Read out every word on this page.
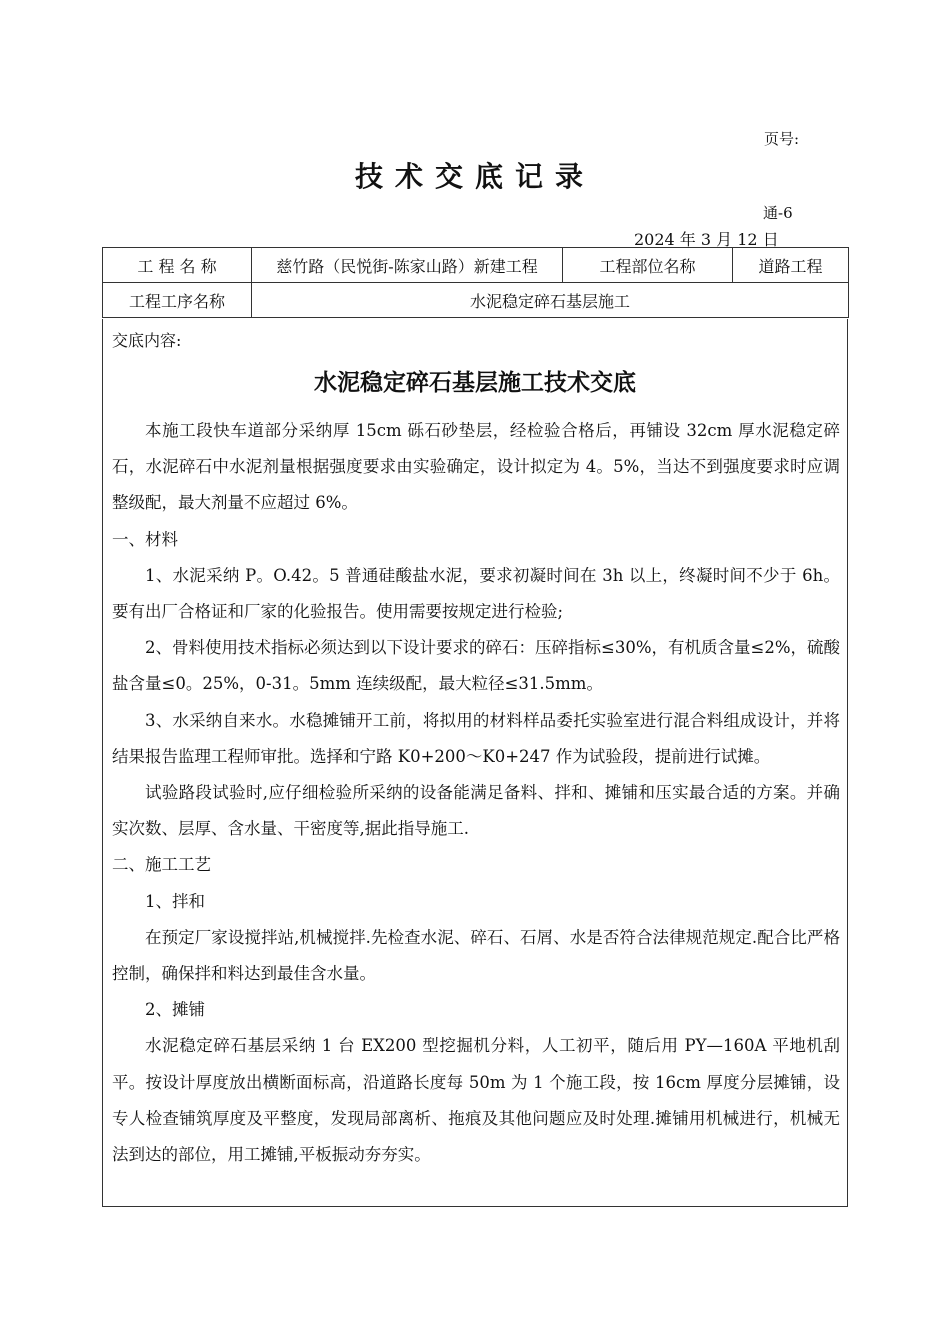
页号:
技术交底记录
通-6
2024 年 3 月 12 日
工 程 名 称	慈竹路（民悦街-陈家山路）新建工程	工程部位名称	道路工程
工程工序名称	水泥稳定碎石基层施工		
交底内容:
水泥稳定碎石基层施工技术交底

本施工段快车道部分采纳厚 15cm 砾石砂垫层，经检验合格后，再铺设 32cm 厚水泥稳定碎石，水泥碎石中水泥剂量根据强度要求由实验确定，设计拟定为 4。5%，当达不到强度要求时应调整级配，最大剂量不应超过 6%。

一、材料

1、水泥采纳 P。O.42。5 普通硅酸盐水泥，要求初凝时间在 3h 以上，终凝时间不少于 6h。要有出厂合格证和厂家的化验报告。使用需要按规定进行检验;

2、骨料使用技术指标必须达到以下设计要求的碎石：压碎指标≤30%，有机质含量≤2%，硫酸盐含量≤0。25%，0-31。5mm 连续级配，最大粒径≤31.5mm。

3、水采纳自来水。水稳摊铺开工前，将拟用的材料样品委托实验室进行混合料组成设计，并将结果报告监理工程师审批。选择和宁路 K0+200～K0+247 作为试验段，提前进行试摊。

试验路段试验时,应仔细检验所采纳的设备能满足备料、拌和、摊铺和压实最合适的方案。并确实次数、层厚、含水量、干密度等,据此指导施工.

二、施工工艺

1、拌和

在预定厂家设搅拌站,机械搅拌.先检查水泥、碎石、石屑、水是否符合法律规范规定.配合比严格控制，确保拌和料达到最佳含水量。

2、摊铺

水泥稳定碎石基层采纳 1 台 EX200 型挖掘机分料，人工初平，随后用 PY—160A 平地机刮平。按设计厚度放出横断面标高，沿道路长度每 50m 为 1 个施工段，按 16cm 厚度分层摊铺，设专人检查铺筑厚度及平整度，发现局部离析、拖痕及其他问题应及时处理.摊铺用机械进行，机械无法到达的部位，用工摊铺,平板振动夯夯实。
